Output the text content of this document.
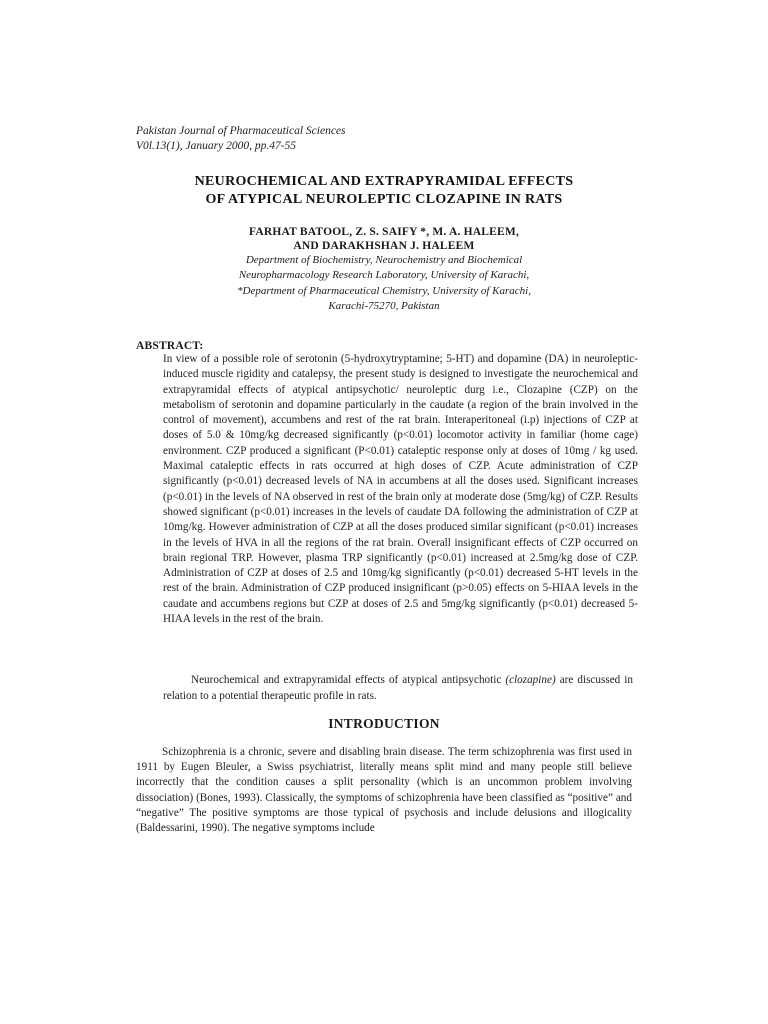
Pakistan Journal of Pharmaceutical Sciences
V0l.13(1), January 2000, pp.47-55
NEUROCHEMICAL AND EXTRAPYRAMIDAL EFFECTS
OF ATYPICAL NEUROLEPTIC CLOZAPINE IN RATS
FARHAT BATOOL, Z. S. SAIFY *, M. A. HALEEM,
AND DARAKHSHAN J. HALEEM
Department of Biochemistry, Neurochemistry and Biochemical
Neuropharmacology Research Laboratory, University of Karachi,
*Department of Pharmaceutical Chemistry, University of Karachi,
Karachi-75270, Pakistan
ABSTRACT:

In view of a possible role of serotonin (5-hydroxytryptamine; 5-HT) and dopamine (DA) in neuroleptic-induced muscle rigidity and catalepsy, the present study is designed to investigate the neurochemical and extrapyramidal effects of atypical antipsychotic/ neuroleptic durg i.e., Clozapine (CZP) on the metabolism of serotonin and dopamine particularly in the caudate (a region of the brain involved in the control of movement), accumbens and rest of the rat brain. Interaperitoneal (i.p) injections of CZP at doses of 5.0 & 10mg/kg decreased significantly (p<0.01) locomotor activity in familiar (home cage) environment. CZP produced a significant (P<0.01) cataleptic response only at doses of 10mg / kg used. Maximal cataleptic effects in rats occurred at high doses of CZP. Acute administration of CZP significantly (p<0.01) decreased levels of NA in accumbens at all the doses used. Significant increases (p<0.01) in the levels of NA observed in rest of the brain only at moderate dose (5mg/kg) of CZP. Results showed significant (p<0.01) increases in the levels of caudate DA following the administration of CZP at 10mg/kg. However administration of CZP at all the doses produced similar significant (p<0.01) increases in the levels of HVA in all the regions of the rat brain. Overall insignificant effects of CZP occurred on brain regional TRP. However, plasma TRP significantly (p<0.01) increased at 2.5mg/kg dose of CZP. Administration of CZP at doses of 2.5 and 10mg/kg significantly (p<0.01) decreased 5-HT levels in the rest of the brain. Administration of CZP produced insignificant (p>0.05) effects on 5-HIAA levels in the caudate and accumbens regions but CZP at doses of 2.5 and 5mg/kg significantly (p<0.01) decreased 5-HIAA levels in the rest of the brain.

Neurochemical and extrapyramidal effects of atypical antipsychotic (clozapine) are discussed in relation to a potential therapeutic profile in rats.

INTRODUCTION

Schizophrenia is a chronic, severe and disabling brain disease. The term schizophrenia was first used in 1911 by Eugen Bleuler, a Swiss psychiatrist, literally means split mind and many people still believe incorrectly that the condition causes a split personality (which is an uncommon problem involving dissociation) (Bones, 1993). Classically, the symptoms of schizophrenia have been classified as “positive” and “negative” The positive symptoms are those typical of psychosis and include delusions and illogicality (Baldessarini, 1990). The negative symptoms include
